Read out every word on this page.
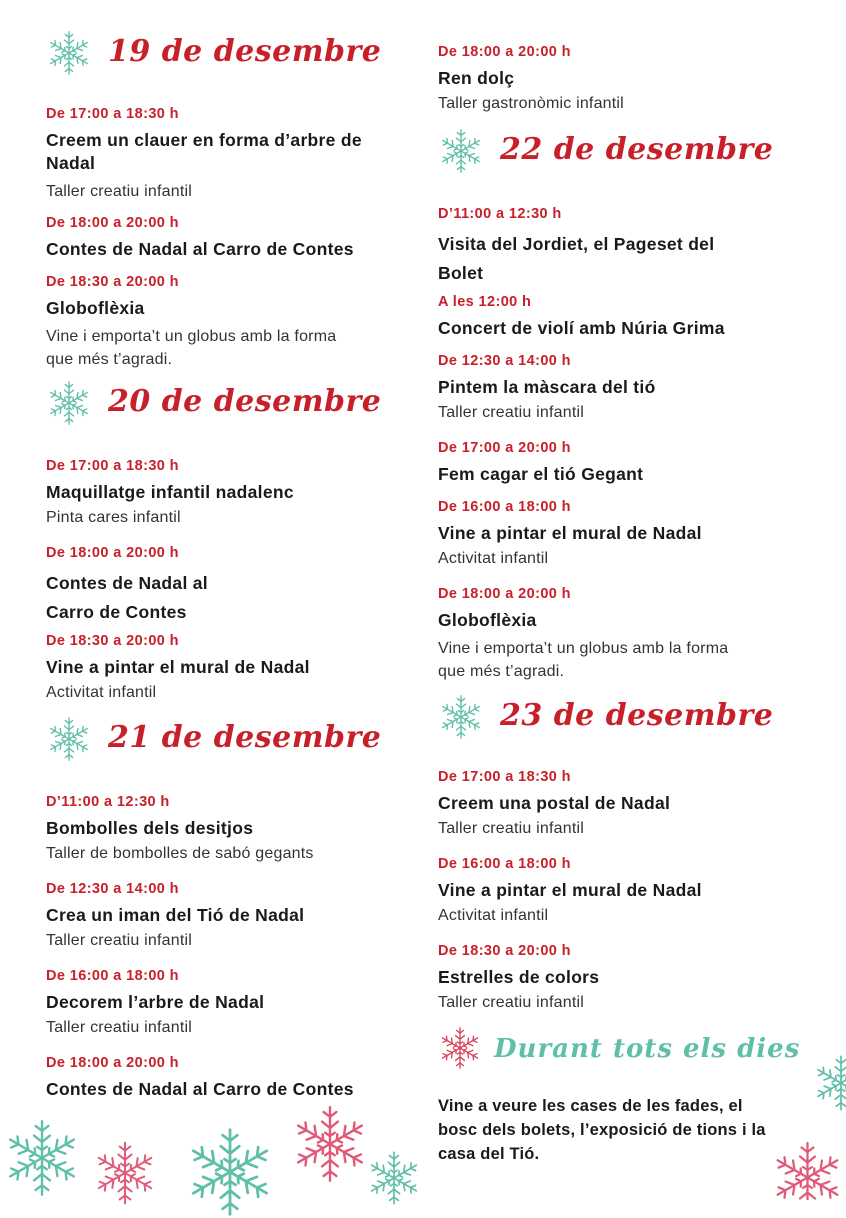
19 de desembre
De 17:00 a 18:30 h
Creem un clauer en forma d’arbre de Nadal
Taller creatiu infantil
De 18:00 a 20:00 h
Contes de Nadal al Carro de Contes
De 18:30 a 20:00 h
Globoflèxia
Vine i emporta’t un globus amb la forma que més t’agradi.
20 de desembre
De 17:00 a 18:30 h
Maquillatge infantil nadalenc
Pinta cares infantil
De 18:00 a 20:00 h
Contes de Nadal al Carro de Contes
De 18:30 a 20:00 h
Vine a pintar el mural de Nadal
Activitat infantil
21 de desembre
D’11:00 a 12:30 h
Bombolles dels desitjos
Taller de bombolles de sabó gegants
De 12:30 a 14:00 h
Crea un iman del Tió de Nadal
Taller creatiu infantil
De 16:00 a 18:00 h
Decorem l’arbre de Nadal
Taller creatiu infantil
De 18:00 a 20:00 h
Contes de Nadal al Carro de Contes
De 18:00 a 20:00 h
Ren dolç
Taller gastronòmic infantil
22 de desembre
D’11:00 a 12:30 h
Visita del Jordiet, el Pageset del Bolet
A les 12:00 h
Concert de violí amb Núria Grima
De 12:30 a 14:00 h
Pintem la màscara del tió
Taller creatiu infantil
De 17:00 a 20:00 h
Fem cagar el tió Gegant
De 16:00 a 18:00 h
Vine a pintar el mural de Nadal
Activitat infantil
De 18:00 a 20:00 h
Globoflèxia
Vine i emporta’t un globus amb la forma que més t’agradi.
23 de desembre
De 17:00 a 18:30 h
Creem una postal de Nadal
Taller creatiu infantil
De 16:00 a 18:00 h
Vine a pintar el mural de Nadal
Activitat infantil
De 18:30 a 20:00 h
Estrelles de colors
Taller creatiu infantil
Durant tots els dies
Vine a veure les cases de les fades, el bosc dels bolets, l’exposició de tions i la casa del Tió.
